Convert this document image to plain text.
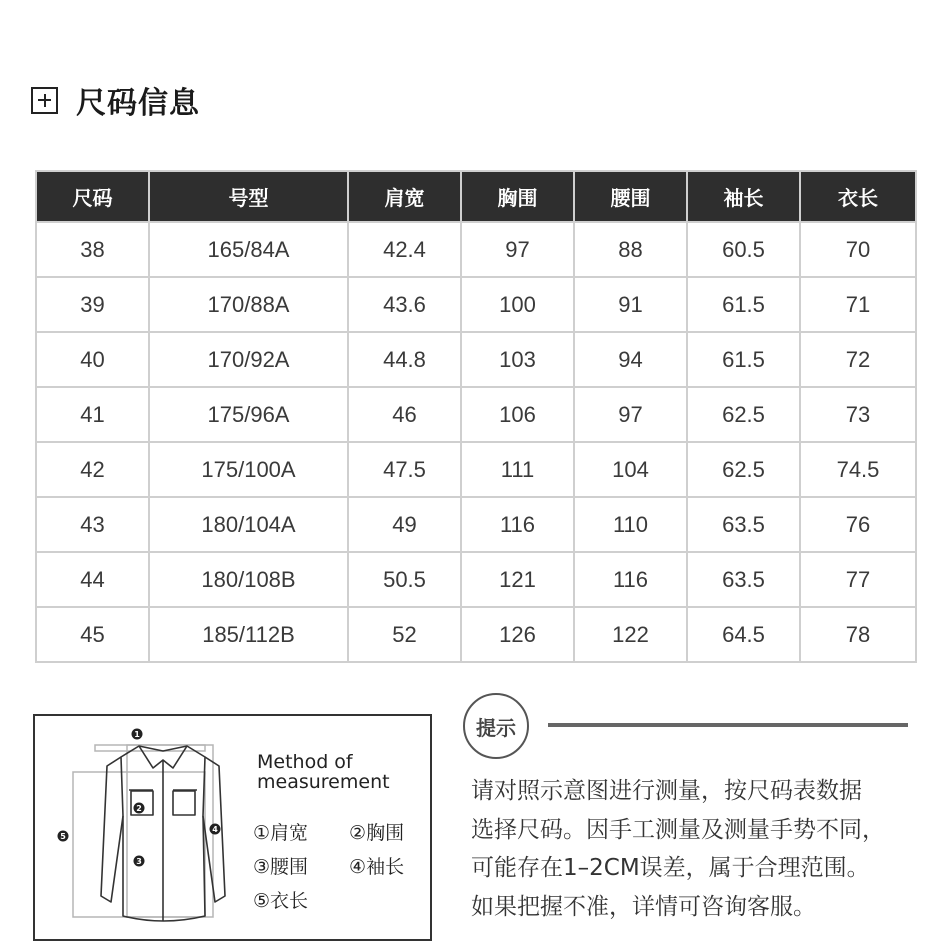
尺码信息
尺码	号型	肩宽	胸围	腰围	袖长	衣长
38	165/84A	42.4	97	88	60.5	70
39	170/88A	43.6	100	91	61.5	71
40	170/92A	44.8	103	94	61.5	72
41	175/96A	46	106	97	62.5	73
42	175/100A	47.5	111	104	62.5	74.5
43	180/104A	49	116	110	63.5	76
44	180/108B	50.5	121	116	63.5	77
45	185/112B	52	126	122	64.5	78
1
2
3
4
5
Method of
measurement
①肩宽 ②胸围
③腰围 ④袖长
⑤衣长
提示

请对照示意图进行测量，按尺码表数据

选择尺码。因手工测量及测量手势不同，

可能存在1–2CM误差，属于合理范围。

如果把握不准，详情可咨询客服。
